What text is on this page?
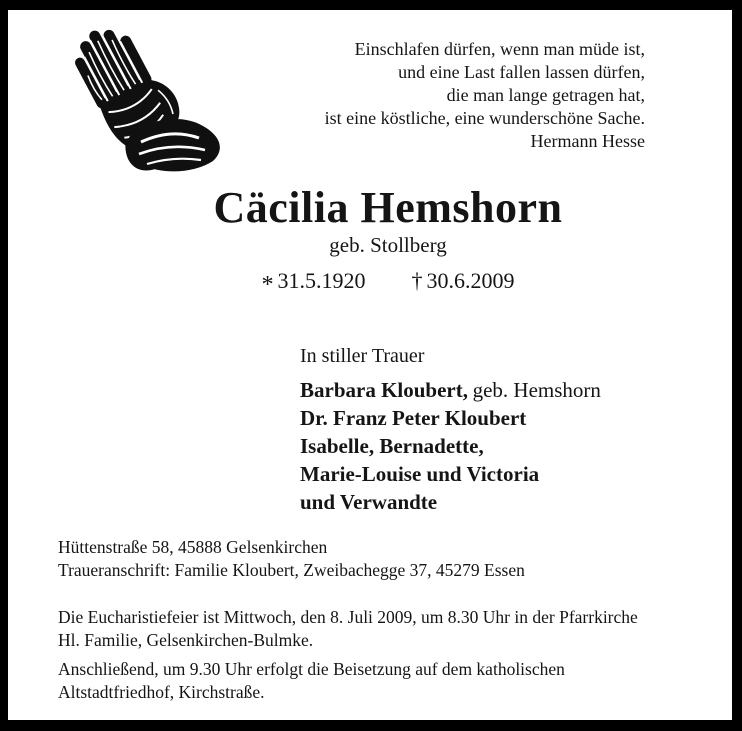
Einschlafen dürfen, wenn man müde ist,
und eine Last fallen lassen dürfen,
die man lange getragen hat,
ist eine köstliche, eine wunderschöne Sache.
Hermann Hesse
Cäcilia Hemshorn
geb. Stollberg
* 31.5.1920 † 30.6.2009
In stiller Trauer
Barbara Kloubert, geb. Hemshorn
Dr. Franz Peter Kloubert
Isabelle, Bernadette,
Marie-Louise und Victoria
und Verwandte
Hüttenstraße 58, 45888 Gelsenkirchen
Traueranschrift: Familie Kloubert, Zweibachegge 37, 45279 Essen
Die Eucharistiefeier ist Mittwoch, den 8. Juli 2009, um 8.30 Uhr in der Pfarrkirche
Hl. Familie, Gelsenkirchen-Bulmke.
Anschließend, um 9.30 Uhr erfolgt die Beisetzung auf dem katholischen
Altstadtfriedhof, Kirchstraße.
